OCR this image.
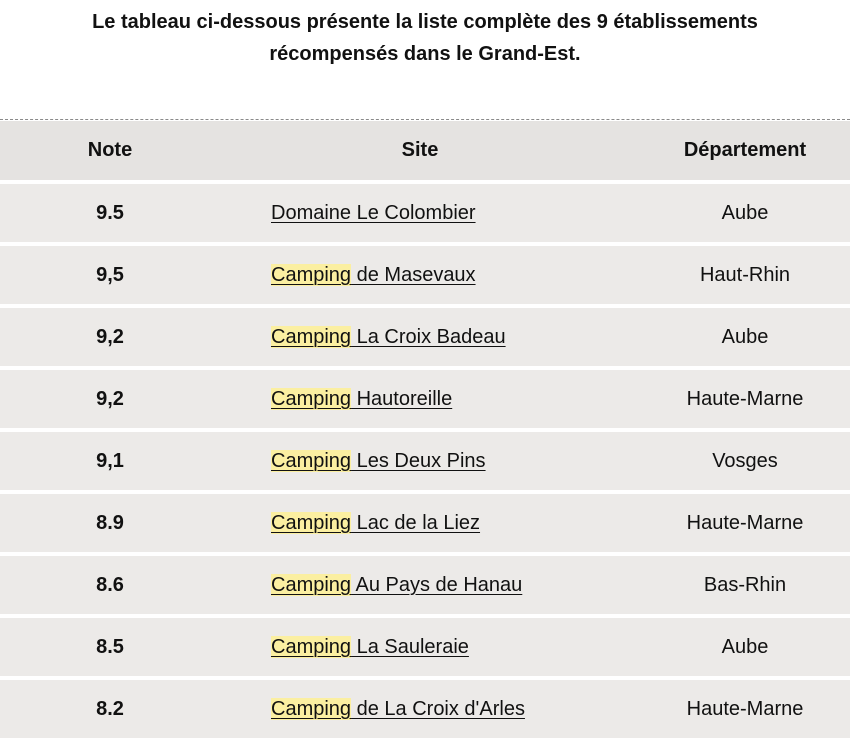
Le tableau ci-dessous présente la liste complète des 9 établissements
récompensés dans le Grand-Est.
Note	Site	Département
9.5	Domaine Le Colombier	Aube
9,5	Camping de Masevaux	Haut-Rhin
9,2	Camping La Croix Badeau	Aube
9,2	Camping Hautoreille	Haute-Marne
9,1	Camping Les Deux Pins	Vosges
8.9	Camping Lac de la Liez	Haute-Marne
8.6	Camping Au Pays de Hanau	Bas-Rhin
8.5	Camping La Sauleraie	Aube
8.2	Camping de La Croix d'Arles	Haute-Marne
